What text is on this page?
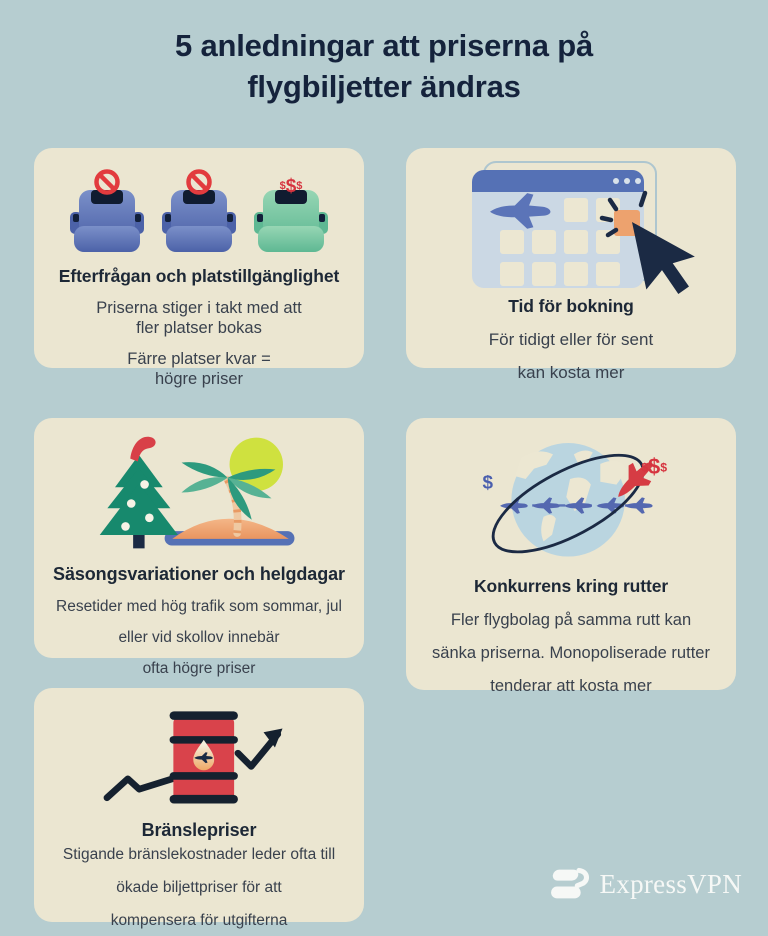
5 anledningar att priserna på
flygbiljetter ändras
$$$
Efterfrågan och platstillgänglighet

Priserna stiger i takt med att

fler platser bokas

Färre platser kvar =

högre priser

Tid för bokning

För tidigt eller för sent

kan kosta mer

Säsongsvariationer och helgdagar

Resetider med hög trafik som sommar, jul

eller vid skollov innebär

ofta högre priser

$
$$$
Konkurrens kring rutter

Fler flygbolag på samma rutt kan

sänka priserna. Monopoliserade rutter

tenderar att kosta mer

Bränslepriser

Stigande bränslekostnader leder ofta till

ökade biljettpriser för att

kompensera för utgifterna

ExpressVPN
